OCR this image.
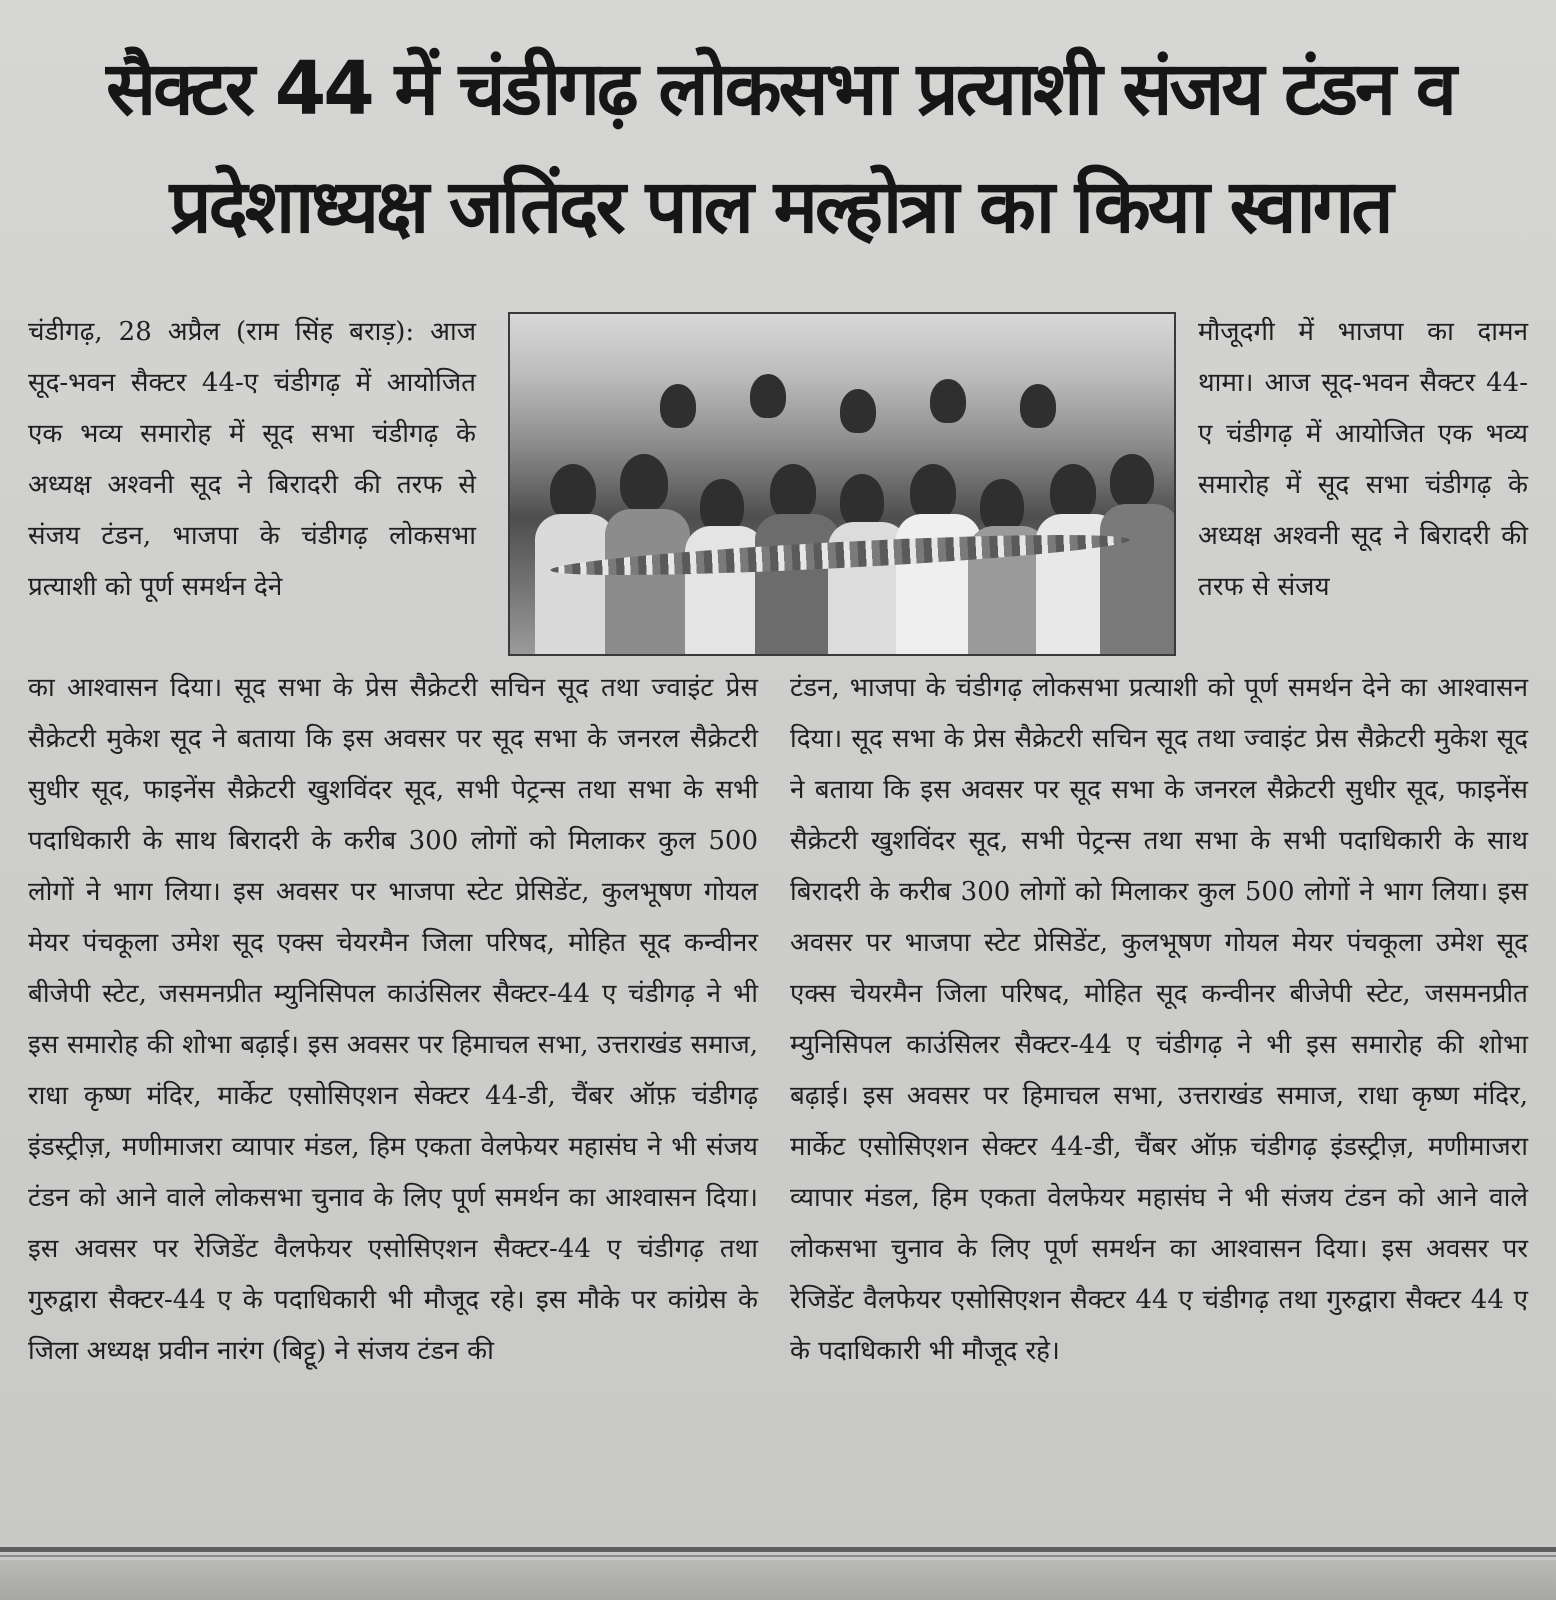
सैक्टर 44 में चंडीगढ़ लोकसभा प्रत्याशी संजय टंडन व
प्रदेशाध्यक्ष जतिंदर पाल मल्होत्रा का किया स्वागत

चंडीगढ़, 28 अप्रैल (राम सिंह बराड़): आज सूद-भवन सैक्टर 44-ए चंडीगढ़ में आयोजित एक भव्य समारोह में सूद सभा चंडीगढ़ के अध्यक्ष अश्वनी सूद ने बिरादरी की तरफ से संजय टंडन, भाजपा के चंडीगढ़ लोकसभा प्रत्याशी को पूर्ण समर्थन देने

मौजूदगी में भाजपा का दामन थामा। आज सूद-भवन सैक्टर 44-ए चंडीगढ़ में आयोजित एक भव्य समारोह में सूद सभा चंडीगढ़ के अध्यक्ष अश्वनी सूद ने बिरादरी की तरफ से संजय

का आश्वासन दिया। सूद सभा के प्रेस सैक्रेटरी सचिन सूद तथा ज्वाइंट प्रेस सैक्रेटरी मुकेश सूद ने बताया कि इस अवसर पर सूद सभा के जनरल सैक्रेटरी सुधीर सूद, फाइनेंस सैक्रेटरी खुशविंदर सूद, सभी पेट्रन्स तथा सभा के सभी पदाधिकारी के साथ बिरादरी के करीब 300 लोगों को मिलाकर कुल 500 लोगों ने भाग लिया। इस अवसर पर भाजपा स्टेट प्रेसिडेंट, कुलभूषण गोयल मेयर पंचकूला उमेश सूद एक्स चेयरमैन जिला परिषद, मोहित सूद कन्वीनर बीजेपी स्टेट, जसमनप्रीत म्युनिसिपल काउंसिलर सैक्टर-44 ए चंडीगढ़ ने भी इस समारोह की शोभा बढ़ाई। इस अवसर पर हिमाचल सभा, उत्तराखंड समाज, राधा कृष्ण मंदिर, मार्केट एसोसिएशन सेक्टर 44-डी, चैंबर ऑफ़ चंडीगढ़ इंडस्ट्रीज़, मणीमाजरा व्यापार मंडल, हिम एकता वेलफेयर महासंघ ने भी संजय टंडन को आने वाले लोकसभा चुनाव के लिए पूर्ण समर्थन का आश्वासन दिया। इस अवसर पर रेजिडेंट वैलफेयर एसोसिएशन सैक्टर-44 ए चंडीगढ़ तथा गुरुद्वारा सैक्टर-44 ए के पदाधिकारी भी मौजूद रहे। इस मौके पर कांग्रेस के जिला अध्यक्ष प्रवीन नारंग (बिट्टू) ने संजय टंडन की

टंडन, भाजपा के चंडीगढ़ लोकसभा प्रत्याशी को पूर्ण समर्थन देने का आश्वासन दिया। सूद सभा के प्रेस सैक्रेटरी सचिन सूद तथा ज्वाइंट प्रेस सैक्रेटरी मुकेश सूद ने बताया कि इस अवसर पर सूद सभा के जनरल सैक्रेटरी सुधीर सूद, फाइनेंस सैक्रेटरी खुशविंदर सूद, सभी पेट्रन्स तथा सभा के सभी पदाधिकारी के साथ बिरादरी के करीब 300 लोगों को मिलाकर कुल 500 लोगों ने भाग लिया। इस अवसर पर भाजपा स्टेट प्रेसिडेंट, कुलभूषण गोयल मेयर पंचकूला उमेश सूद एक्स चेयरमैन जिला परिषद, मोहित सूद कन्वीनर बीजेपी स्टेट, जसमनप्रीत म्युनिसिपल काउंसिलर सैक्टर-44 ए चंडीगढ़ ने भी इस समारोह की शोभा बढ़ाई। इस अवसर पर हिमाचल सभा, उत्तराखंड समाज, राधा कृष्ण मंदिर, मार्केट एसोसिएशन सेक्टर 44-डी, चैंबर ऑफ़ चंडीगढ़ इंडस्ट्रीज़, मणीमाजरा व्यापार मंडल, हिम एकता वेलफेयर महासंघ ने भी संजय टंडन को आने वाले लोकसभा चुनाव के लिए पूर्ण समर्थन का आश्वासन दिया। इस अवसर पर रेजिडेंट वैलफेयर एसोसिएशन सैक्टर 44 ए चंडीगढ़ तथा गुरुद्वारा सैक्टर 44 ए के पदाधिकारी भी मौजूद रहे।
